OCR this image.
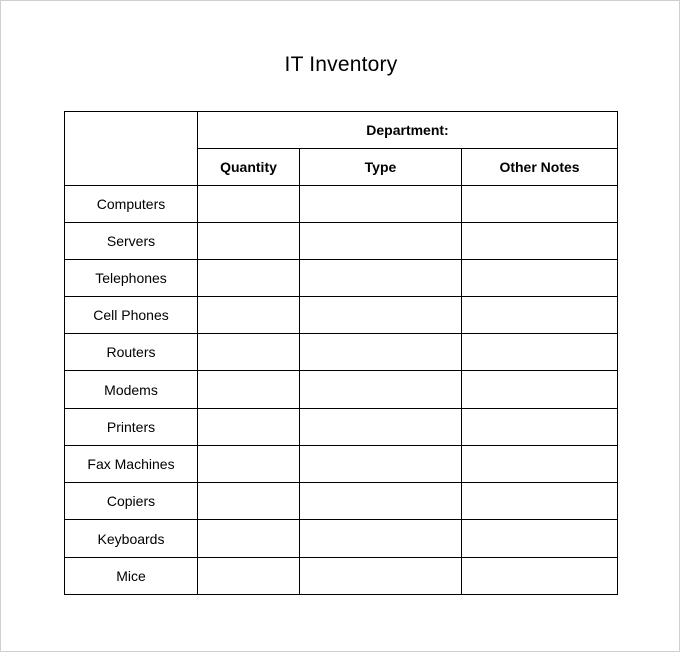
IT Inventory
	Department:		
	Quantity	Type	Other Notes
Computers			
Servers			
Telephones			
Cell Phones			
Routers			
Modems			
Printers			
Fax Machines			
Copiers			
Keyboards			
Mice			
